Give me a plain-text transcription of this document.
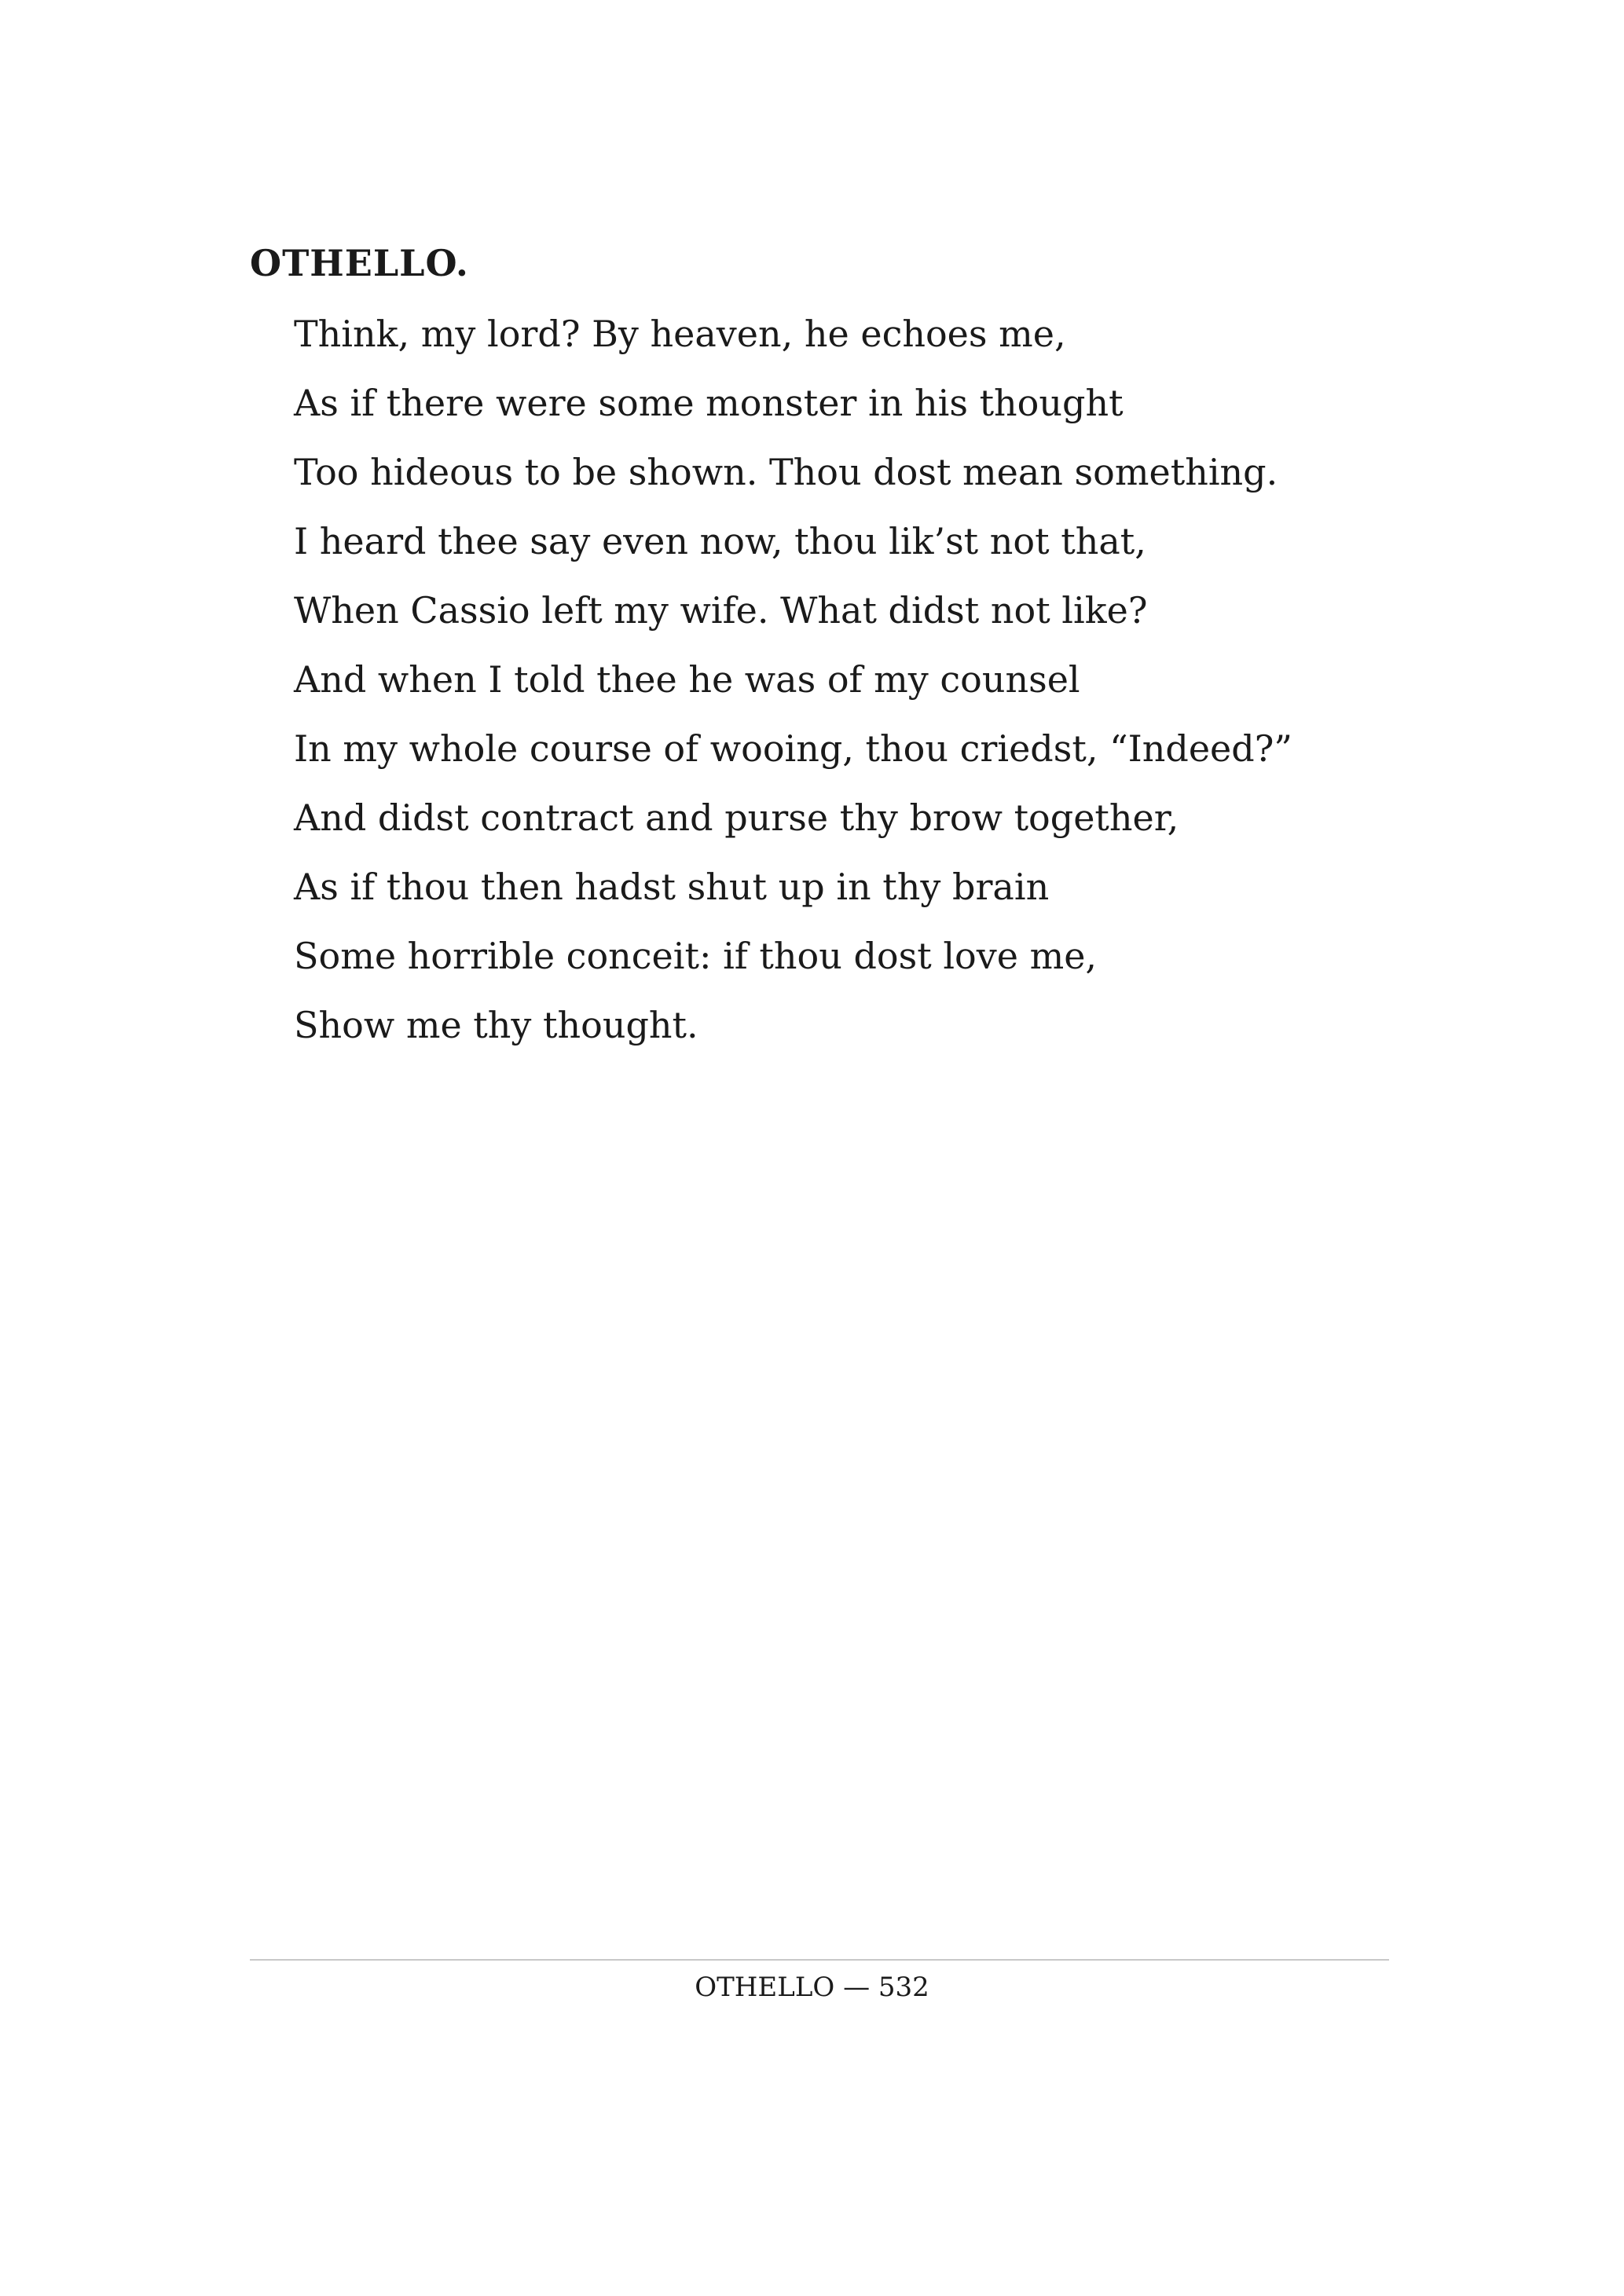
OTHELLO.
Think, my lord? By heaven, he echoes me,
As if there were some monster in his thought
Too hideous to be shown. Thou dost mean something.
I heard thee say even now, thou lik’st not that,
When Cassio left my wife. What didst not like?
And when I told thee he was of my counsel
In my whole course of wooing, thou criedst, “Indeed?”
And didst contract and purse thy brow together,
As if thou then hadst shut up in thy brain
Some horrible conceit: if thou dost love me,
Show me thy thought.
OTHELLO — 532
